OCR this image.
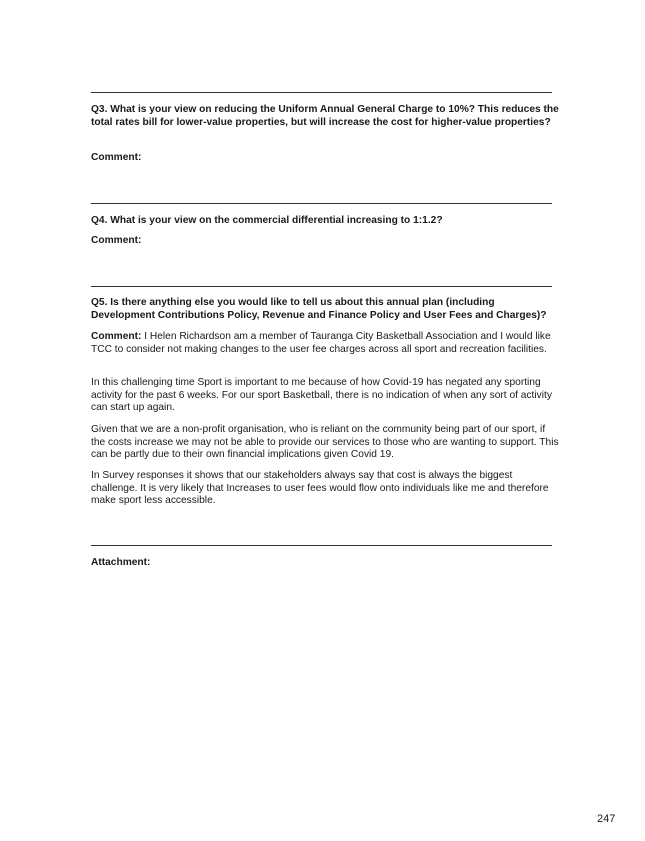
Q3. What is your view on reducing the Uniform Annual General Charge to 10%? This reduces the total rates bill for lower-value properties, but will increase the cost for higher-value properties?
Comment:
Q4. What is your view on the commercial differential increasing to 1:1.2?
Comment:
Q5. Is there anything else you would like to tell us about this annual plan (including Development Contributions Policy, Revenue and Finance Policy and User Fees and Charges)?
Comment: I Helen Richardson am a member of Tauranga City Basketball Association and I would like TCC to consider not making changes to the user fee charges across all sport and recreation facilities.
In this challenging time Sport is important to me because of how Covid-19 has negated any sporting activity for the past 6 weeks. For our sport Basketball, there is no indication of when any sort of activity can start up again.
Given that we are a non-profit organisation, who is reliant on the community being part of our sport, if the costs increase we may not be able to provide our services to those who are wanting to support. This can be partly due to their own financial implications given Covid 19.
In Survey responses it shows that our stakeholders always say that cost is always the biggest challenge. It is very likely that Increases to user fees would flow onto individuals like me and therefore make sport less accessible.
Attachment:
247
